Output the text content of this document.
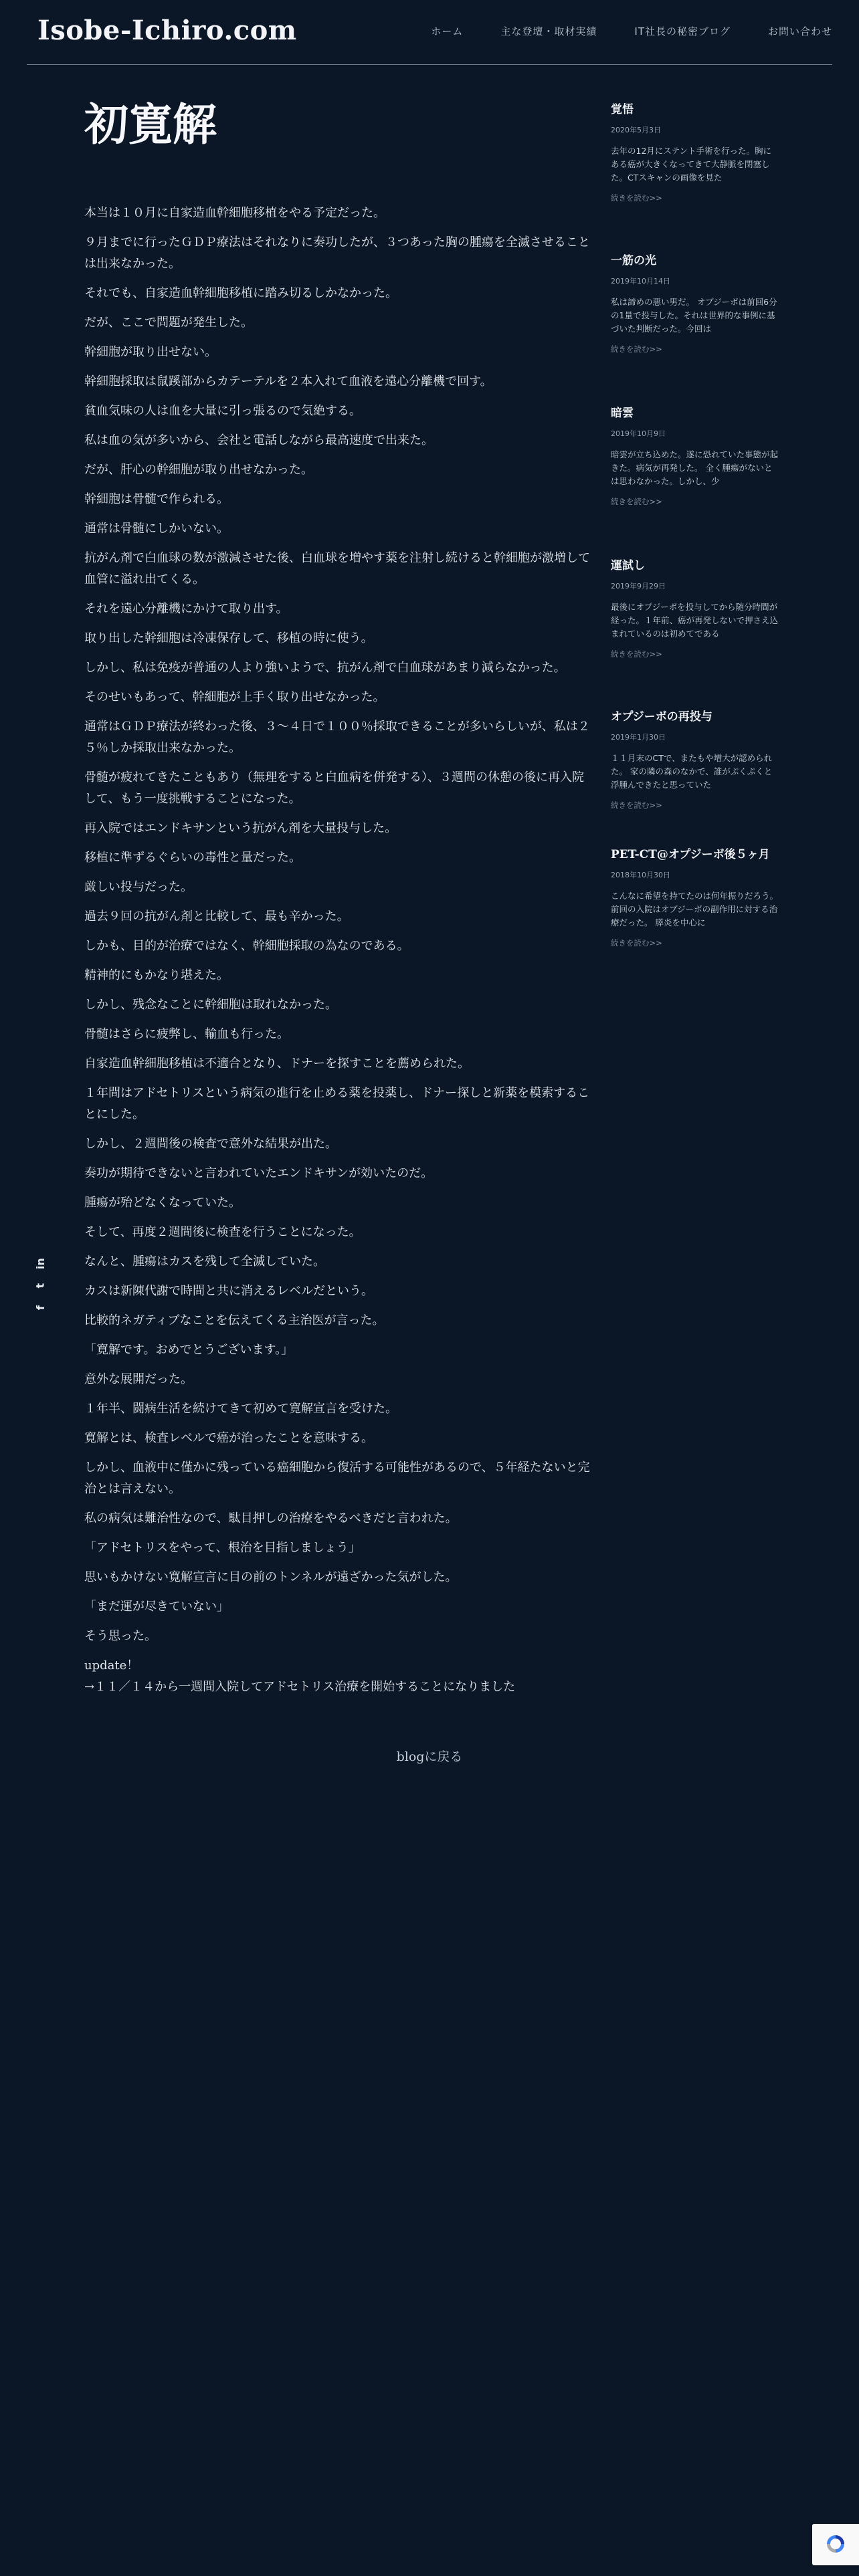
Isobe-Ichiro.com	ホーム	主な登壇・取材実績	IT社長の秘密ブログ	お問い合わせ
初寛解

本当は１０月に自家造血幹細胞移植をやる予定だった。

９月までに行ったＧＤＰ療法はそれなりに奏功したが、３つあった胸の腫瘍を全滅させることは出来なかった。

それでも、自家造血幹細胞移植に踏み切るしかなかった。

だが、ここで問題が発生した。

幹細胞が取り出せない。

幹細胞採取は鼠蹊部からカテーテルを２本入れて血液を遠心分離機で回す。

貧血気味の人は血を大量に引っ張るので気絶する。

私は血の気が多いから、会社と電話しながら最高速度で出来た。

だが、肝心の幹細胞が取り出せなかった。

幹細胞は骨髄で作られる。

通常は骨髄にしかいない。

抗がん剤で白血球の数が激減させた後、白血球を増やす薬を注射し続けると幹細胞が激増して血管に溢れ出てくる。

それを遠心分離機にかけて取り出す。

取り出した幹細胞は冷凍保存して、移植の時に使う。

しかし、私は免疫が普通の人より強いようで、抗がん剤で白血球があまり減らなかった。

そのせいもあって、幹細胞が上手く取り出せなかった。

通常はＧＤＰ療法が終わった後、３〜４日で１００％採取できることが多いらしいが、私は２５％しか採取出来なかった。

骨髄が疲れてきたこともあり（無理をすると白血病を併発する）、３週間の休憩の後に再入院して、もう一度挑戦することになった。

再入院ではエンドキサンという抗がん剤を大量投与した。

移植に準ずるぐらいの毒性と量だった。

厳しい投与だった。

過去９回の抗がん剤と比較して、最も辛かった。

しかも、目的が治療ではなく、幹細胞採取の為なのである。

精神的にもかなり堪えた。

しかし、残念なことに幹細胞は取れなかった。

骨髄はさらに疲弊し、輸血も行った。

自家造血幹細胞移植は不適合となり、ドナーを探すことを薦められた。

１年間はアドセトリスという病気の進行を止める薬を投薬し、ドナー探しと新薬を模索することにした。

しかし、２週間後の検査で意外な結果が出た。

奏功が期待できないと言われていたエンドキサンが効いたのだ。

腫瘍が殆どなくなっていた。

そして、再度２週間後に検査を行うことになった。

なんと、腫瘍はカスを残して全滅していた。

カスは新陳代謝で時間と共に消えるレベルだという。

比較的ネガティブなことを伝えてくる主治医が言った。

「寛解です。おめでとうございます。」

意外な展開だった。

１年半、闘病生活を続けてきて初めて寛解宣言を受けた。

寛解とは、検査レベルで癌が治ったことを意味する。

しかし、血液中に僅かに残っている癌細胞から復活する可能性があるので、５年経たないと完治とは言えない。

私の病気は難治性なので、駄目押しの治療をやるべきだと言われた。

「アドセトリスをやって、根治を目指しましょう」

思いもかけない寛解宣言に目の前のトンネルが遠ざかった気がした。

「まだ運が尽きていない」

そう思った。

update！

→１１／１４から一週間入院してアドセトリス治療を開始することになりました

blogに戻る
覚悟

2020年5月3日

去年の12月にステント手術を行った。胸にある癌が大きくなってきて大静脈を閉塞した。CTスキャンの画像を見た

続きを読む>>
一筋の光

2019年10月14日

私は諦めの悪い男だ。 オプジーボは前回6分の1量で投与した。それは世界的な事例に基づいた判断だった。今回は

続きを読む>>
暗雲

2019年10月9日

暗雲が立ち込めた。遂に恐れていた事態が起きた。病気が再発した。 全く腫瘍がないとは思わなかった。しかし、少

続きを読む>>
運試し

2019年9月29日

最後にオプジーボを投与してから随分時間が経った。１年前、癌が再発しないで押さえ込まれているのは初めてである

続きを読む>>
オプジーボの再投与

2019年1月30日

１１月末のCTで、またもや増大が認められた。 家の隣の森のなかで、誰がぷくぷくと浮腫んできたと思っていた

続きを読む>>
PET-CT@オプジーボ後５ヶ月

2018年10月30日

こんなに希望を持てたのは何年振りだろう。 前回の入院はオプジーボの副作用に対する治療だった。 膵炎を中心に

続きを読む>>
in
t
f
